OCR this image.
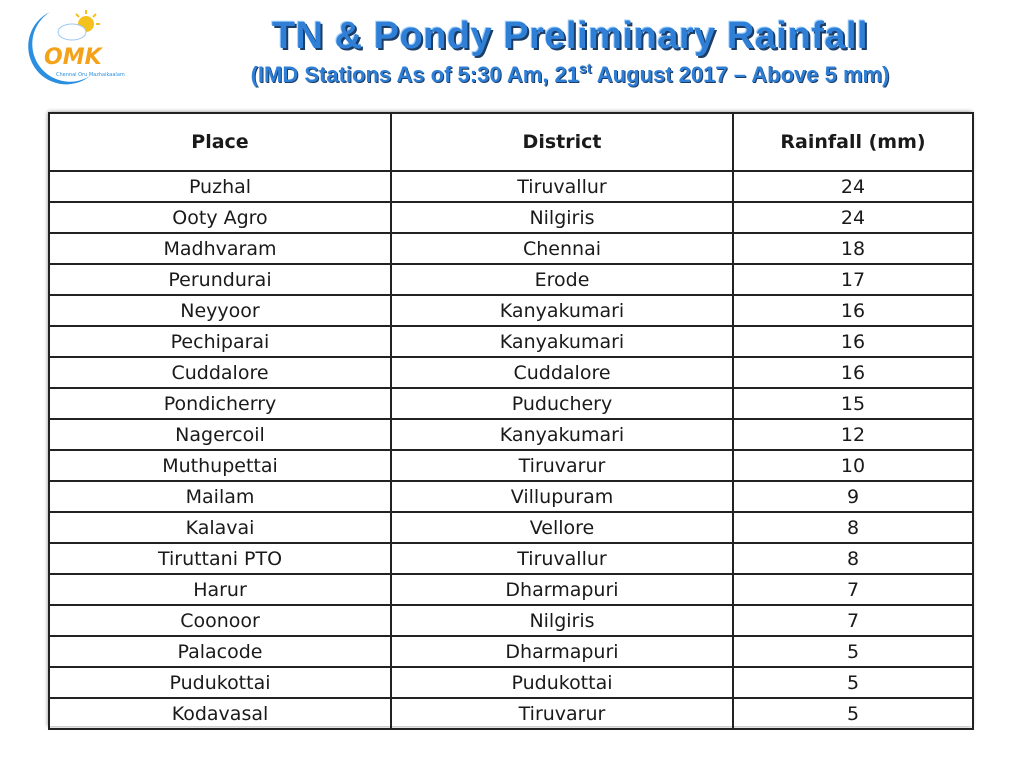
OMK
Chennai Oru Mazhaikaalam
TN & Pondy Preliminary Rainfall
(IMD Stations As of 5:30 Am, 21st August 2017 – Above 5 mm)
Place	District	Rainfall (mm)
Puzhal	Tiruvallur	24
Ooty Agro	Nilgiris	24
Madhvaram	Chennai	18
Perundurai	Erode	17
Neyyoor	Kanyakumari	16
Pechiparai	Kanyakumari	16
Cuddalore	Cuddalore	16
Pondicherry	Puduchery	15
Nagercoil	Kanyakumari	12
Muthupettai	Tiruvarur	10
Mailam	Villupuram	9
Kalavai	Vellore	8
Tiruttani PTO	Tiruvallur	8
Harur	Dharmapuri	7
Coonoor	Nilgiris	7
Palacode	Dharmapuri	5
Pudukottai	Pudukottai	5
Kodavasal	Tiruvarur	5
